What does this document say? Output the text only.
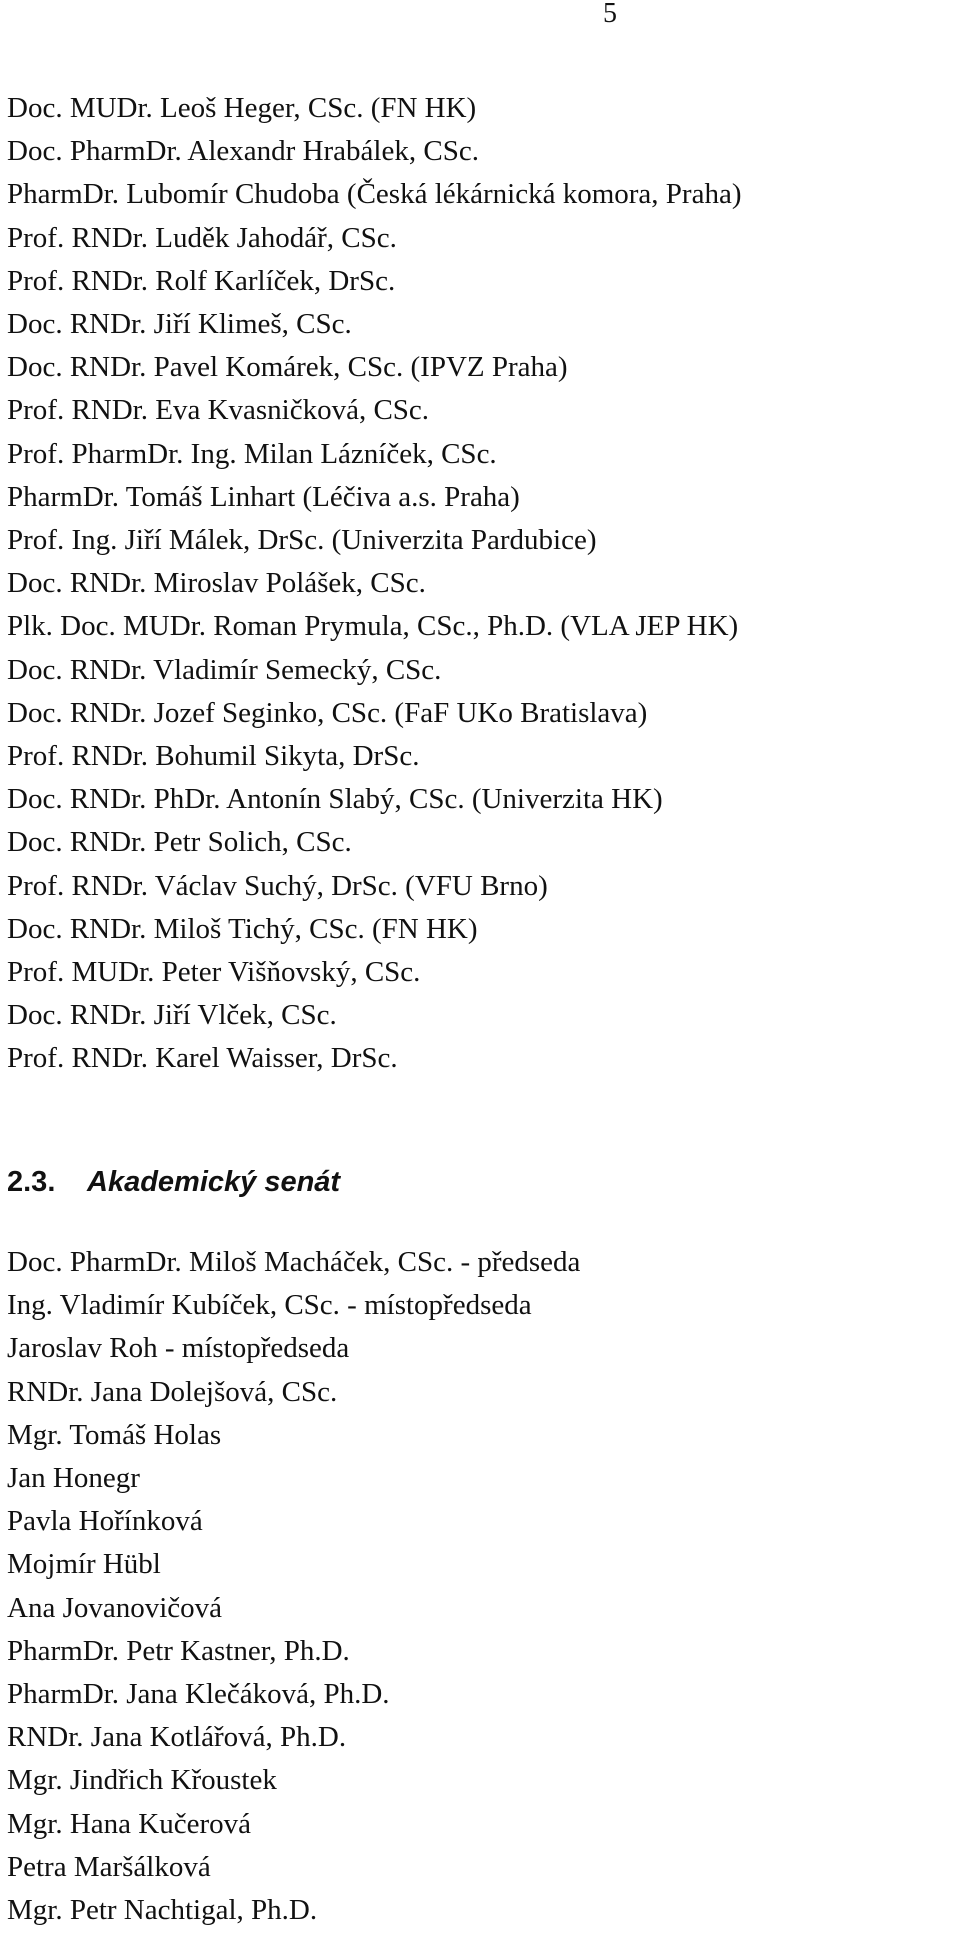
5
Doc. MUDr. Leoš Heger, CSc. (FN HK)
Doc. PharmDr. Alexandr Hrabálek, CSc.
PharmDr. Lubomír Chudoba (Česká lékárnická komora, Praha)
Prof. RNDr. Luděk Jahodář, CSc.
Prof. RNDr. Rolf Karlíček, DrSc.
Doc. RNDr. Jiří Klimeš, CSc.
Doc. RNDr. Pavel Komárek, CSc. (IPVZ Praha)
Prof. RNDr. Eva Kvasničková, CSc.
Prof. PharmDr. Ing. Milan Lázníček, CSc.
PharmDr. Tomáš Linhart (Léčiva a.s. Praha)
Prof. Ing. Jiří Málek, DrSc. (Univerzita Pardubice)
Doc. RNDr. Miroslav Polášek, CSc.
Plk. Doc. MUDr. Roman Prymula, CSc., Ph.D. (VLA JEP HK)
Doc. RNDr. Vladimír Semecký, CSc.
Doc. RNDr. Jozef Seginko, CSc. (FaF UKo Bratislava)
Prof. RNDr. Bohumil Sikyta, DrSc.
Doc. RNDr. PhDr. Antonín Slabý, CSc. (Univerzita HK)
Doc. RNDr. Petr Solich, CSc.
Prof. RNDr. Václav Suchý, DrSc. (VFU Brno)
Doc. RNDr. Miloš Tichý, CSc. (FN HK)
Prof. MUDr. Peter Višňovský, CSc.
Doc. RNDr. Jiří Vlček, CSc.
Prof. RNDr. Karel Waisser, DrSc.
2.3. Akademický senát
Doc. PharmDr. Miloš Macháček, CSc. - předseda
Ing. Vladimír Kubíček, CSc. - místopředseda
Jaroslav Roh - místopředseda
RNDr. Jana Dolejšová, CSc.
Mgr. Tomáš Holas
Jan Honegr
Pavla Hořínková
Mojmír Hübl
Ana Jovanovičová
PharmDr. Petr Kastner, Ph.D.
PharmDr. Jana Klečáková, Ph.D.
RNDr. Jana Kotlářová, Ph.D.
Mgr. Jindřich Křoustek
Mgr. Hana Kučerová
Petra Maršálková
Mgr. Petr Nachtigal, Ph.D.
